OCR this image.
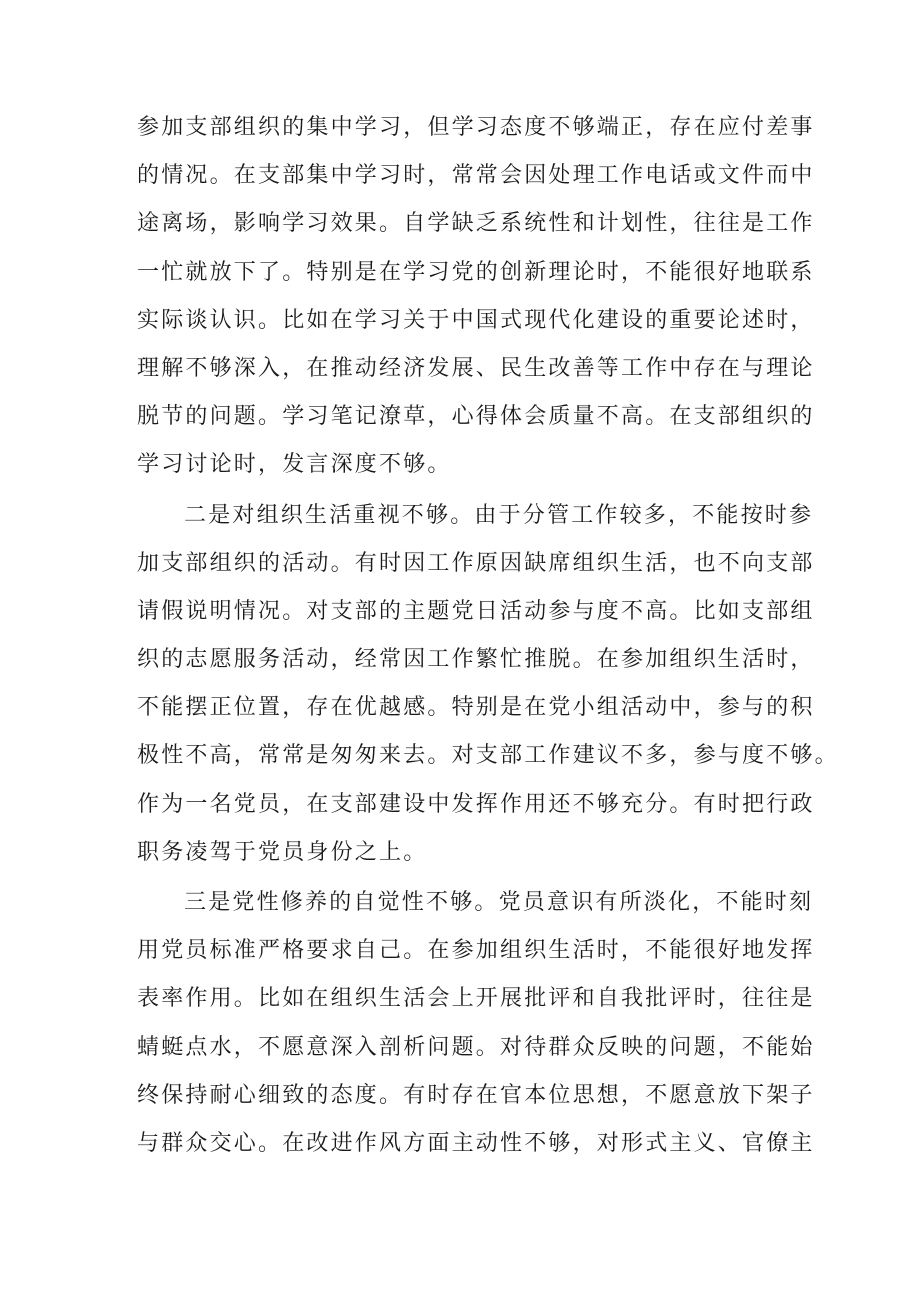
参加支部组织的集中学习，但学习态度不够端正，存在应付差事
的情况。在支部集中学习时，常常会因处理工作电话或文件而中
途离场，影响学习效果。自学缺乏系统性和计划性，往往是工作
一忙就放下了。特别是在学习党的创新理论时，不能很好地联系
实际谈认识。比如在学习关于中国式现代化建设的重要论述时，
理解不够深入，在推动经济发展、民生改善等工作中存在与理论
脱节的问题。学习笔记潦草，心得体会质量不高。在支部组织的
学习讨论时，发言深度不够。
二是对组织生活重视不够。由于分管工作较多，不能按时参
加支部组织的活动。有时因工作原因缺席组织生活，也不向支部
请假说明情况。对支部的主题党日活动参与度不高。比如支部组
织的志愿服务活动，经常因工作繁忙推脱。在参加组织生活时，
不能摆正位置，存在优越感。特别是在党小组活动中，参与的积
极性不高，常常是匆匆来去。对支部工作建议不多，参与度不够。
作为一名党员，在支部建设中发挥作用还不够充分。有时把行政
职务凌驾于党员身份之上。
三是党性修养的自觉性不够。党员意识有所淡化，不能时刻
用党员标准严格要求自己。在参加组织生活时，不能很好地发挥
表率作用。比如在组织生活会上开展批评和自我批评时，往往是
蜻蜓点水，不愿意深入剖析问题。对待群众反映的问题，不能始
终保持耐心细致的态度。有时存在官本位思想，不愿意放下架子
与群众交心。在改进作风方面主动性不够，对形式主义、官僚主
